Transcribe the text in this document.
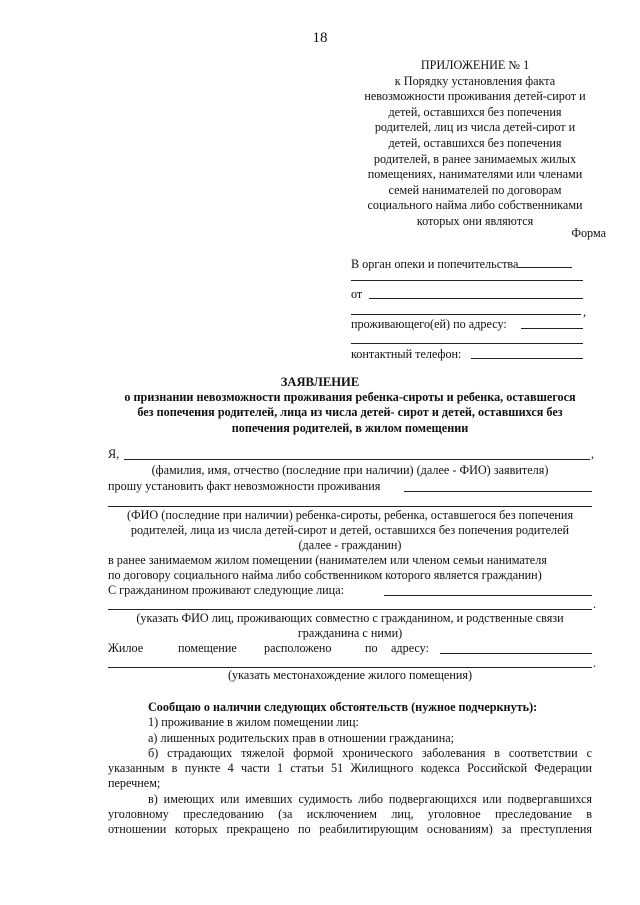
18
ПРИЛОЖЕНИЕ № 1
к Порядку установления факта
невозможности проживания детей-сирот и
детей, оставшихся без попечения
родителей, лиц из числа детей-сирот и
детей, оставшихся без попечения
родителей, в ранее занимаемых жилых
помещениях, нанимателями или членами
семей нанимателей по договорам
социального найма либо собственниками
которых они являются
Форма
В орган опеки и попечительства
от
,
проживающего(ей) по адресу:
контактный телефон:
ЗАЯВЛЕНИЕ
о признании невозможности проживания ребенка-сироты и ребенка, оставшегося
без попечения родителей, лица из числа детей- сирот и детей, оставшихся без
попечения родителей, в жилом помещении
Я,	,
(фамилия, имя, отчество (последние при наличии) (далее - ФИО) заявителя)
прошу установить факт невозможности проживания
(ФИО (последние при наличии) ребенка-сироты, ребенка, оставшегося без попечения
родителей, лица из числа детей-сирот и детей, оставшихся без попечения родителей
(далее - гражданин)
в ранее занимаемом жилом помещении (нанимателем или членом семьи нанимателя
по договору социального найма либо собственником которого является гражданин)
С гражданином проживают следующие лица:
.
(указать ФИО лиц, проживающих совместно с гражданином, и родственные связи
гражданина с ними)
Жилое	помещение расположено	по адресу:
.
(указать местонахождение жилого помещения)
Сообщаю о наличии следующих обстоятельств (нужное подчеркнуть):
1) проживание в жилом помещении лиц:
а) лишенных родительских прав в отношении гражданина;
б) страдающих тяжелой формой хронического заболевания в соответствии с
указанным в пункте 4 части 1 статьи 51 Жилищного кодекса Российской Федерации
перечнем;
в) имеющих или имевших судимость либо подвергающихся или подвергавшихся
уголовному преследованию (за исключением лиц, уголовное преследование в
отношении которых прекращено по реабилитирующим основаниям) за преступления
